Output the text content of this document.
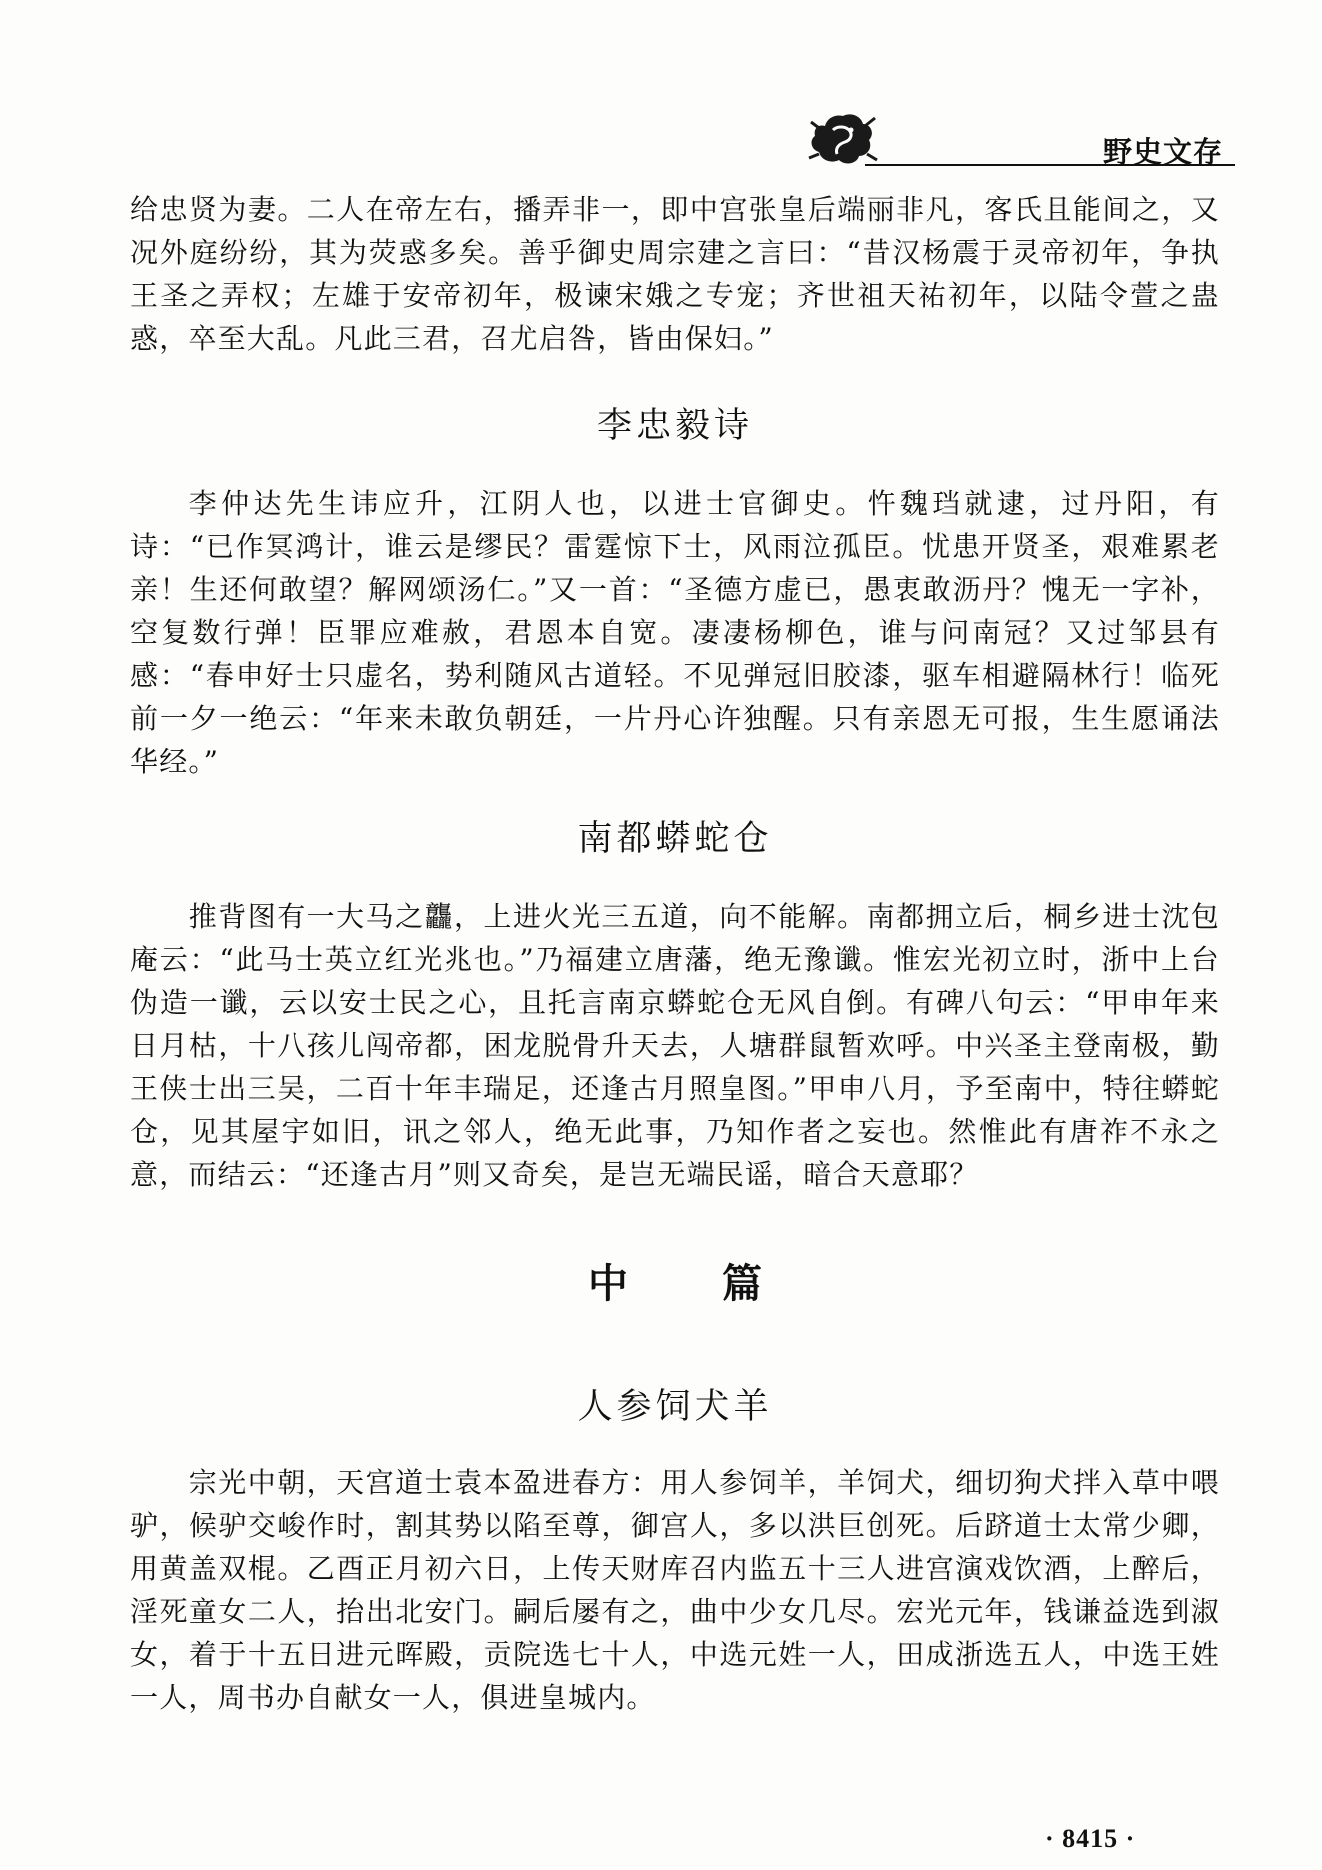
野史文存

给忠贤为妻。二人在帝左右，播弄非一，即中宫张皇后端丽非凡，客氏且能间之，又况外庭纷纷，其为荧惑多矣。善乎御史周宗建之言曰：“昔汉杨震于灵帝初年，争执王圣之弄权；左雄于安帝初年，极谏宋娥之专宠；齐世祖天祐初年，以陆令萱之蛊惑，卒至大乱。凡此三君，召尤启咎，皆由保妇。”

李忠毅诗

李仲达先生讳应升，江阴人也，以进士官御史。忤魏珰就逮，过丹阳，有诗：“已作冥鸿计，谁云是缪民？雷霆惊下士，风雨泣孤臣。忧患开贤圣，艰难累老亲！生还何敢望？解网颂汤仁。”又一首：“圣德方虚已，愚衷敢沥丹？愧无一字补，空复数行弹！臣罪应难赦，君恩本自宽。凄凄杨柳色，谁与问南冠？又过邹县有感：“春申好士只虚名，势利随风古道轻。不见弹冠旧胶漆，驱车相避隔林行！临死前一夕一绝云：“年来未敢负朝廷，一片丹心许独醒。只有亲恩无可报，生生愿诵法华经。”

南都蟒蛇仓

推背图有一大马之龘，上进火光三五道，向不能解。南都拥立后，桐乡进士沈包庵云：“此马士英立红光兆也。”乃福建立唐藩，绝无豫谶。惟宏光初立时，浙中上台伪造一谶，云以安士民之心，且托言南京蟒蛇仓无风自倒。有碑八句云：“甲申年来日月枯，十八孩儿闯帝都，困龙脱骨升天去，人塘群鼠暂欢呼。中兴圣主登南极，勤王侠士出三吴，二百十年丰瑞足，还逢古月照皇图。”甲申八月，予至南中，特往蟒蛇仓，见其屋宇如旧，讯之邻人，绝无此事，乃知作者之妄也。然惟此有唐祚不永之意，而结云：“还逢古月”则又奇矣，是岂无端民谣，暗合天意耶？

中 篇
人参饲犬羊

宗光中朝，天宫道士袁本盈进春方：用人参饲羊，羊饲犬，细切狗犬拌入草中喂驴，候驴交峻作时，割其势以陷至尊，御宫人，多以洪巨创死。后跻道士太常少卿，用黄盖双棍。乙酉正月初六日，上传天财库召内监五十三人进宫演戏饮酒，上醉后，淫死童女二人，抬出北安门。嗣后屡有之，曲中少女几尽。宏光元年，钱谦益选到淑女，着于十五日进元晖殿，贡院选七十人，中选元姓一人，田成浙选五人，中选王姓一人，周书办自献女一人，俱进皇城内。

· 8415 ·
